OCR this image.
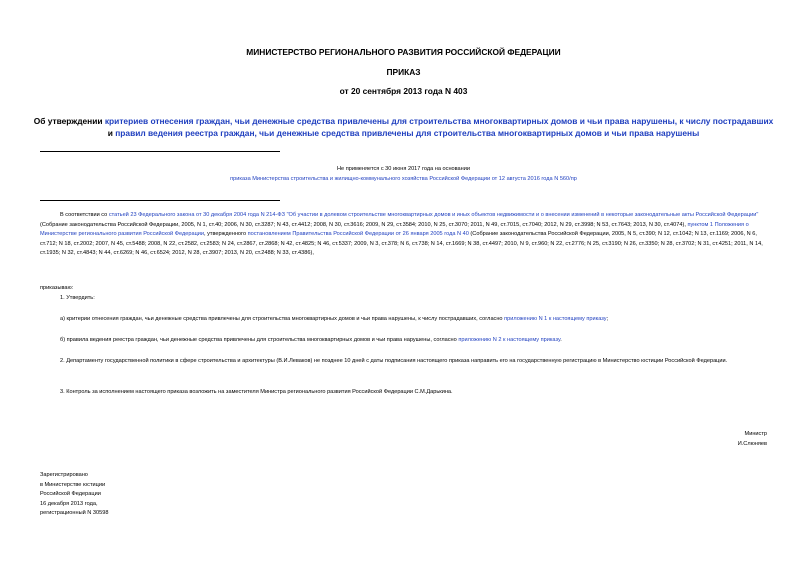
МИНИСТЕРСТВО РЕГИОНАЛЬНОГО РАЗВИТИЯ РОССИЙСКОЙ ФЕДЕРАЦИИ
ПРИКАЗ
от 20 сентября 2013 года N 403
Об утверждении критериев отнесения граждан, чьи денежные средства привлечены для строительства многоквартирных домов и чьи права нарушены, к числу пострадавших и правил ведения реестра граждан, чьи денежные средства привлечены для строительства многоквартирных домов и чьи права нарушены
Не применяется с 30 июня 2017 года на основании
приказа Министерства строительства и жилищно-коммунального хозяйства Российской Федерации от 12 августа 2016 года N 560/пр
В соответствии со статьей 23 Федерального закона от 30 декабря 2004 года N 214-ФЗ "Об участии в долевом строительстве многоквартирных домов и иных объектов недвижимости и о внесении изменений в некоторые законодательные акты Российской Федерации" (Собрание законодательства Российской Федерации, 2005, N 1, ст.40; 2006, N 30, ст.3287; N 43, ст.4412; 2008, N 30, ст.3616; 2009, N 29, ст.3584; 2010, N 25, ст.3070; 2011, N 49, ст.7015, ст.7040; 2012, N 29, ст.3998; N 53, ст.7643; 2013, N 30, ст.4074), пунктом 1 Положения о Министерстве регионального развития Российской Федерации, утвержденного постановлением Правительства Российской Федерации от 26 января 2005 года N 40 (Собрание законодательства Российской Федерации, 2005, N 5, ст.390; N 12, ст.1042; N 13, ст.1169; 2006, N 6, ст.712; N 18, ст.2002; 2007, N 45, ст.5488; 2008, N 22, ст.2582, ст.2583; N 24, ст.2867, ст.2868; N 42, ст.4825; N 46, ст.5337; 2009, N 3, ст.378; N 6, ст.738; N 14, ст.1669; N 38, ст.4497; 2010, N 9, ст.960; N 22, ст.2776; N 25, ст.3190; N 26, ст.3350; N 28, ст.3702; N 31, ст.4251; 2011, N 14, ст.1935; N 32, ст.4843; N 44, ст.6269; N 46, ст.6524; 2012, N 28, ст.3907; 2013, N 20, ст.2488; N 33, ст.4386),
приказываю:
1. Утвердить:
а) критерии отнесения граждан, чьи денежные средства привлечены для строительства многоквартирных домов и чьи права нарушены, к числу пострадавших, согласно приложению N 1 к настоящему приказу;
б) правила ведения реестра граждан, чьи денежные средства привлечены для строительства многоквартирных домов и чьи права нарушены, согласно приложению N 2 к настоящему приказу.
2. Департаменту государственной политики в сфере строительства и архитектуры (В.И.Леваков) не позднее 10 дней с даты подписания настоящего приказа направить его на государственную регистрацию в Министерство юстиции Российской Федерации.
3. Контроль за исполнением настоящего приказа возложить на заместителя Министра регионального развития Российской Федерации С.М.Дарькина.
Министр
И.Слюняев
Зарегистрировано
в Министерстве юстиции
Российской Федерации
16 декабря 2013 года,
регистрационный N 30598
